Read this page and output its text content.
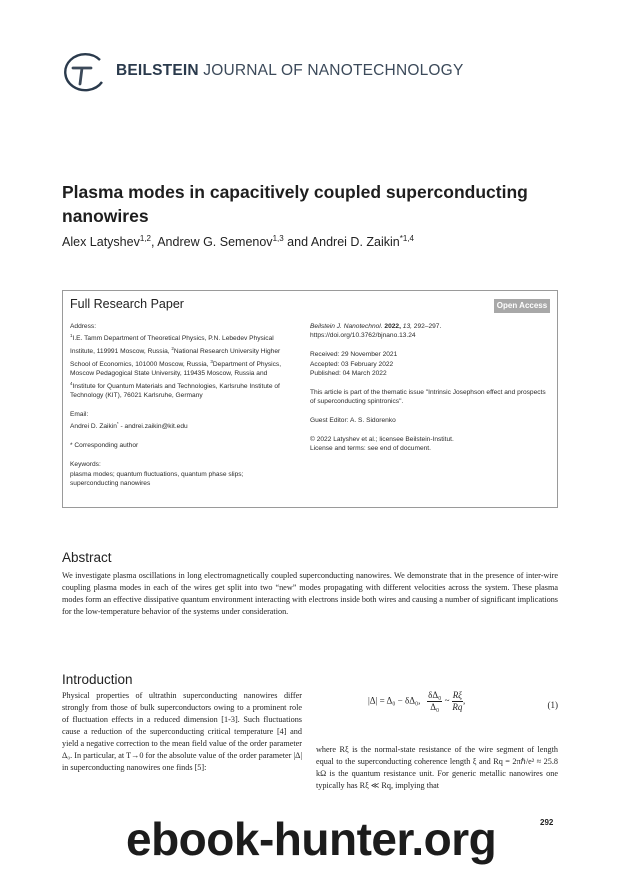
BEILSTEIN JOURNAL OF NANOTECHNOLOGY
Plasma modes in capacitively coupled superconducting nanowires
Alex Latyshev$^{1,2}$, Andrew G. Semenov$^{1,3}$ and Andrei D. Zaikin$^{*1,4}$
Full Research Paper	Open Access
Address:
$^1$I.E. Tamm Department of Theoretical Physics, P.N. Lebedev Physical Institute, 119991 Moscow, Russia, $^2$National Research University Higher School of Economics, 101000 Moscow, Russia, $^3$Department of Physics, Moscow Pedagogical State University, 119435 Moscow, Russia and $^4$Institute for Quantum Materials and Technologies, Karlsruhe Institute of Technology (KIT), 76021 Karlsruhe, Germany
Email:
Andrei D. Zaikin* - andrei.zaikin@kit.edu
* Corresponding author
Keywords:
plasma modes; quantum fluctuations, quantum phase slips; superconducting nanowires
Beilstein J. Nanotechnol. 2022, 13, 292–297.
https://doi.org/10.3762/bjnano.13.24
Received: 29 November 2021
Accepted: 03 February 2022
Published: 04 March 2022
This article is part of the thematic issue "Intrinsic Josephson effect and prospects of superconducting spintronics".
Guest Editor: A. S. Sidorenko
© 2022 Latyshev et al.; licensee Beilstein-Institut.
License and terms: see end of document.
Abstract
We investigate plasma oscillations in long electromagnetically coupled superconducting nanowires. We demonstrate that in the presence of inter-wire coupling plasma modes in each of the wires get split into two “new” modes propagating with different velocities across the system. These plasma modes form an effective dissipative quantum environment interacting with electrons inside both wires and causing a number of significant implications for the low-temperature behavior of the systems under consideration.
Introduction
Physical properties of ultrathin superconducting nanowires differ strongly from those of bulk superconductors owing to a prominent role of fluctuation effects in a reduced dimension [1-3]. Such fluctuations cause a reduction of the superconducting critical temperature [4] and yield a negative correction to the mean field value of the order parameter Δ₀. In particular, at T→0 for the absolute value of the order parameter |Δ| in superconducting nanowires one finds [5]:
|Δ| = Δ₀ − δΔ₀, $\frac{\text{δΔ₀}}{\text{Δ₀}}$ ~ $\frac{R\xi}{Rq}$ ,	(1)
where Rξ is the normal-state resistance of the wire segment of length equal to the superconducting coherence length ξ and Rq = 2πℏ/e² ≈ 25.8 kΩ is the quantum resistance unit. For generic metallic nanowires one typically has Rξ ≪ Rq, implying that
292
ebook-hunter.org
